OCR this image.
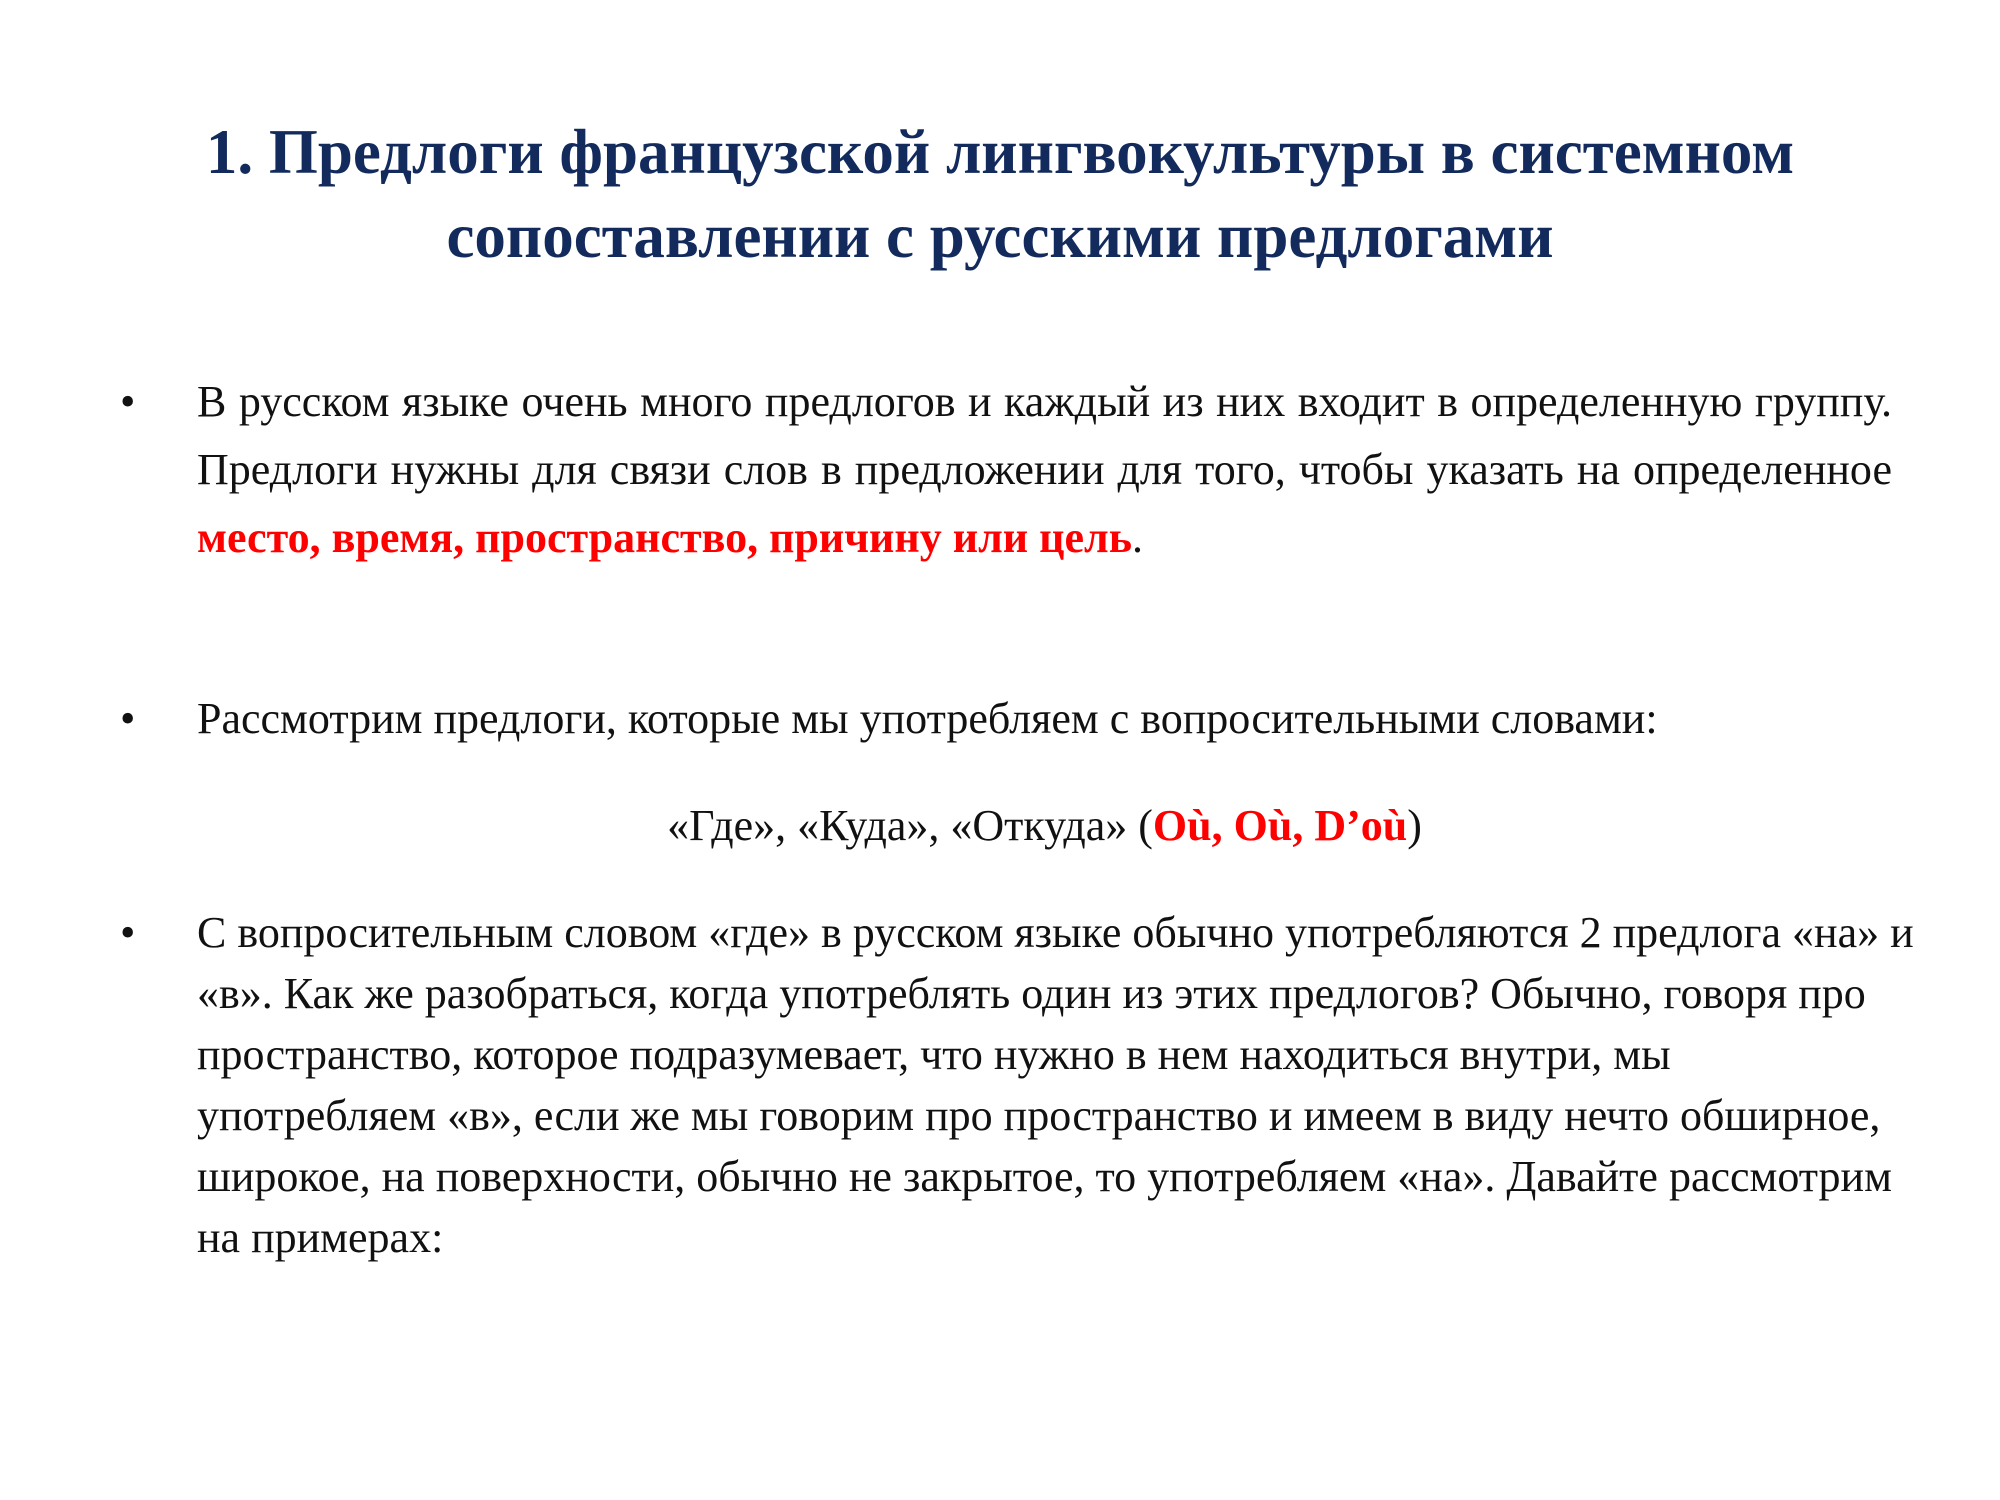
1. Предлоги французской лингвокультуры в системном сопоставлении с русскими предлогами
• В русском языке очень много предлогов и каждый из них входит в определенную группу. Предлоги нужны для связи слов в предложении для того, чтобы указать на определенное место, время, пространство, причину или цель.
• Рассмотрим предлоги, которые мы употребляем с вопросительными словами:
«Где», «Куда», «Откуда» (Où, Où, D’où)
• С вопросительным словом «где» в русском языке обычно употребляются 2 предлога «на» и «в». Как же разобраться, когда употреблять один из этих предлогов? Обычно, говоря про пространство, которое подразумевает, что нужно в нем находиться внутри, мы употребляем «в», если же мы говорим про пространство и имеем в виду нечто обширное, широкое, на поверхности, обычно не закрытое, то употребляем «на». Давайте рассмотрим на примерах:
